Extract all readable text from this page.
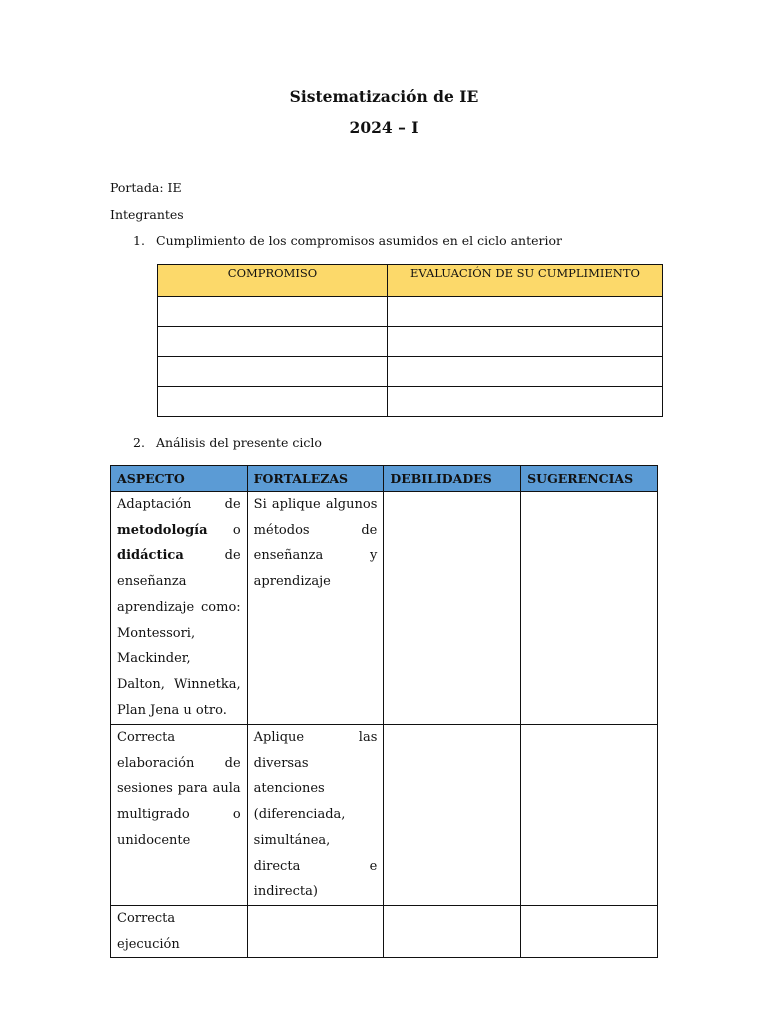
Sistematización de IE
2024 – I
Portada: IE
Integrantes
1. Cumplimiento de los compromisos asumidos en el ciclo anterior
COMPROMISO	EVALUACIÓN DE SU CUMPLIMIENTO

2. Análisis del presente ciclo
ASPECTO	FORTALEZAS	DEBILIDADES	SUGERENCIAS

Adaptación de metodología o didáctica de enseñanza aprendizaje como: Montessori, Mackinder, Dalton, Winnetka, Plan Jena u otro.	Si aplique algunos métodos de enseñanza y aprendizaje		

Correcta elaboración de sesiones para aula multigrado o unidocente	Aplique las diversas atenciones (diferenciada, simultánea, directa e indirecta)		

Correcta ejecución			
